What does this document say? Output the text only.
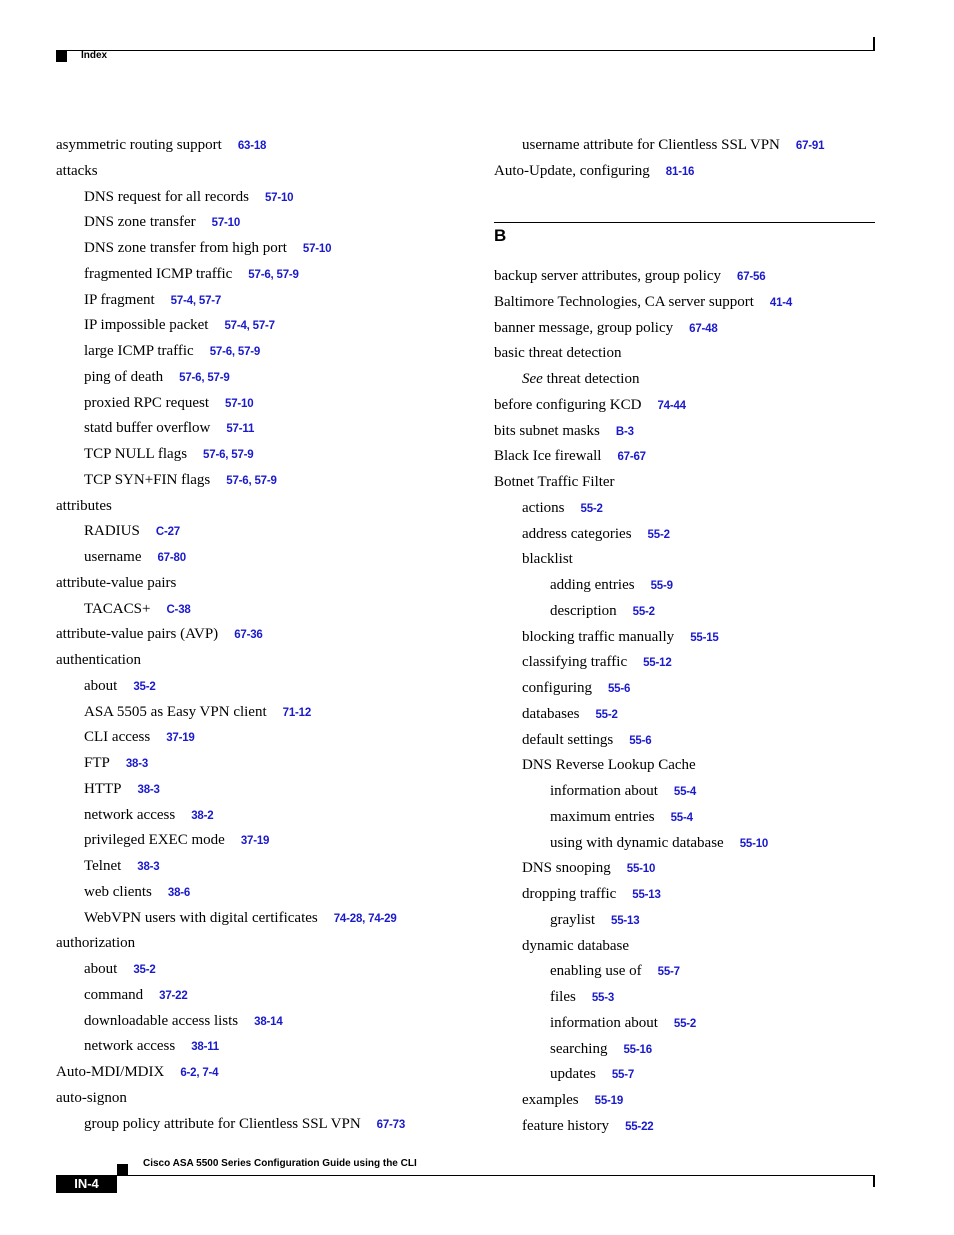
Index
asymmetric routing support 63-18
attacks
DNS request for all records 57-10
DNS zone transfer 57-10
DNS zone transfer from high port 57-10
fragmented ICMP traffic 57-6, 57-9
IP fragment 57-4, 57-7
IP impossible packet 57-4, 57-7
large ICMP traffic 57-6, 57-9
ping of death 57-6, 57-9
proxied RPC request 57-10
statd buffer overflow 57-11
TCP NULL flags 57-6, 57-9
TCP SYN+FIN flags 57-6, 57-9
attributes
RADIUS C-27
username 67-80
attribute-value pairs
TACACS+ C-38
attribute-value pairs (AVP) 67-36
authentication
about 35-2
ASA 5505 as Easy VPN client 71-12
CLI access 37-19
FTP 38-3
HTTP 38-3
network access 38-2
privileged EXEC mode 37-19
Telnet 38-3
web clients 38-6
WebVPN users with digital certificates 74-28, 74-29
authorization
about 35-2
command 37-22
downloadable access lists 38-14
network access 38-11
Auto-MDI/MDIX 6-2, 7-4
auto-signon
group policy attribute for Clientless SSL VPN 67-73
username attribute for Clientless SSL VPN 67-91
Auto-Update, configuring 81-16
backup server attributes, group policy 67-56
Baltimore Technologies, CA server support 41-4
banner message, group policy 67-48
basic threat detection
See threat detection
before configuring KCD 74-44
bits subnet masks B-3
Black Ice firewall 67-67
Botnet Traffic Filter
actions 55-2
address categories 55-2
blacklist
adding entries 55-9
description 55-2
blocking traffic manually 55-15
classifying traffic 55-12
configuring 55-6
databases 55-2
default settings 55-6
DNS Reverse Lookup Cache
information about 55-4
maximum entries 55-4
using with dynamic database 55-10
DNS snooping 55-10
dropping traffic 55-13
graylist 55-13
dynamic database
enabling use of 55-7
files 55-3
information about 55-2
searching 55-16
updates 55-7
examples 55-19
feature history 55-22
B
Cisco ASA 5500 Series Configuration Guide using the CLI
IN-4
